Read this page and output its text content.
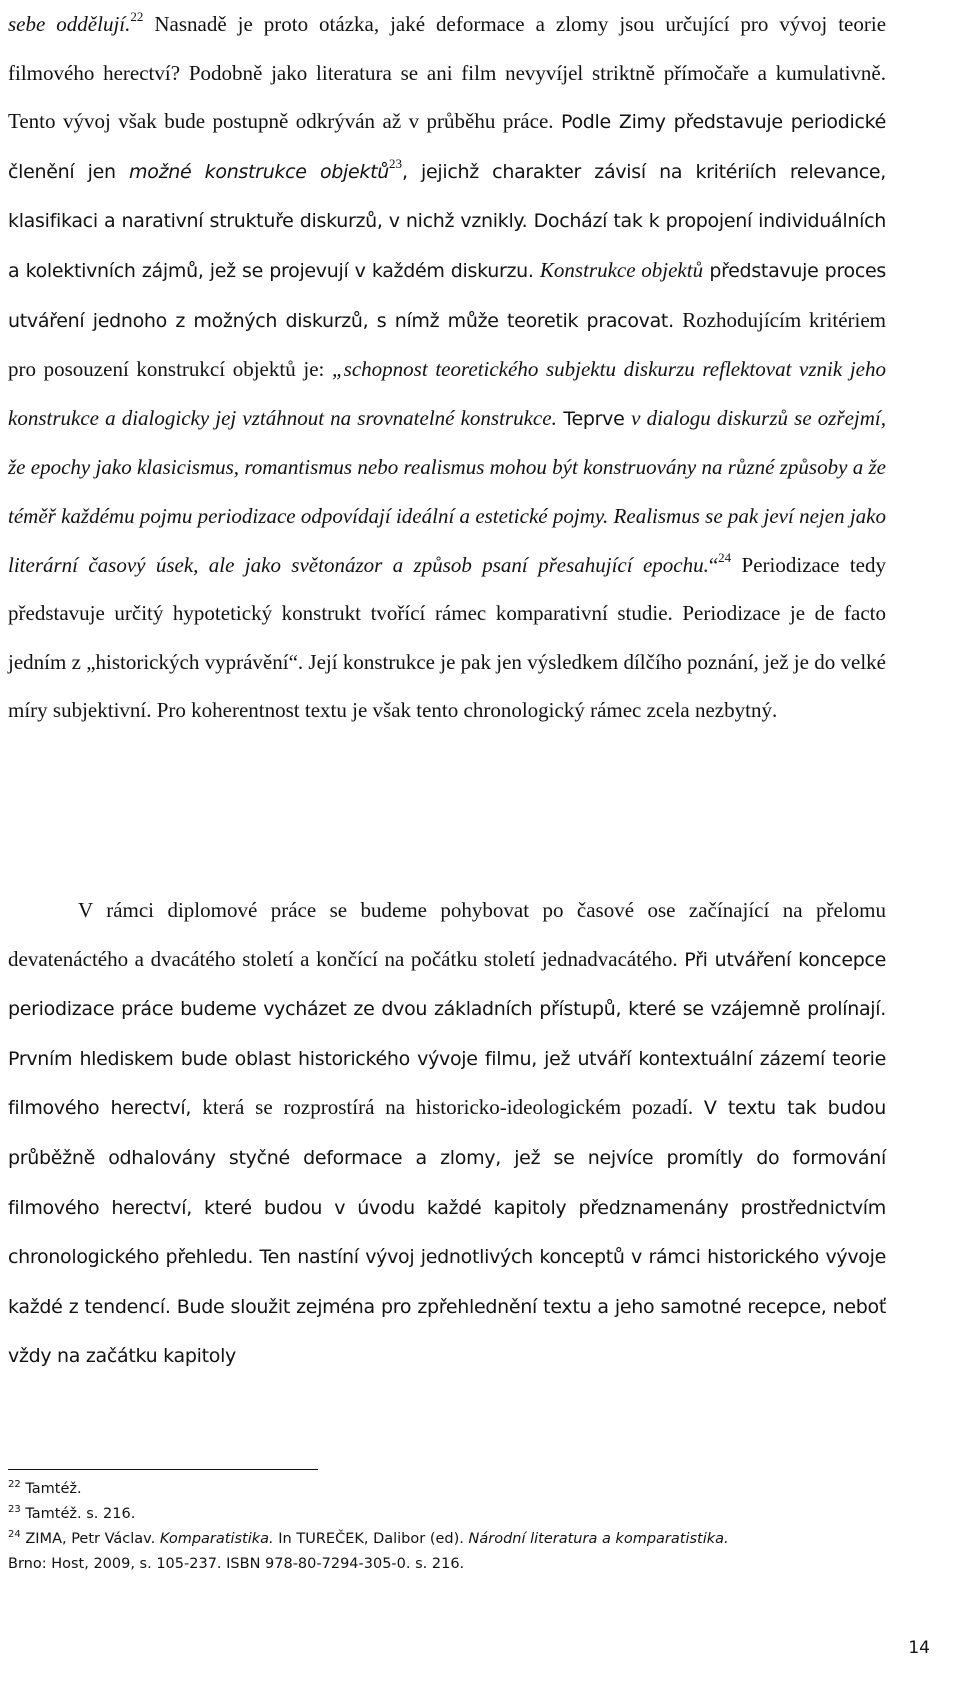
sebe oddělují.$^{22}$ Nasnadě je proto otázka, jaké deformace a zlomy jsou určující pro vývoj teorie filmového herectví? Podobně jako literatura se ani film nevyvíjel striktně přímočaře a kumulativně. Tento vývoj však bude postupně odkrýván až v průběhu práce. Podle Zimy představuje periodické členění jen možné konstrukce objektů$^{23}$, jejichž charakter závisí na kritériích relevance, klasifikaci a narativní struktuře diskurzů, v nichž vznikly. Dochází tak k propojení individuálních a kolektivních zájmů, jež se projevují v každém diskurzu. Konstrukce objektů představuje proces utváření jednoho z možných diskurzů, s nímž může teoretik pracovat. Rozhodujícím kritériem pro posouzení konstrukcí objektů je: „schopnost teoretického subjektu diskurzu reflektovat vznik jeho konstrukce a dialogicky jej vztáhnout na srovnatelné konstrukce. Teprve v dialogu diskurzů se ozřejmí, že epochy jako klasicismus, romantismus nebo realismus mohou být konstruovány na různé způsoby a že téměř každému pojmu periodizace odpovídají ideální a estetické pojmy. Realismus se pak jeví nejen jako literární časový úsek, ale jako světonázor a způsob psaní přesahující epochu.“$^{24}$ Periodizace tedy představuje určitý hypotetický konstrukt tvořící rámec komparativní studie. Periodizace je de facto jedním z „historických vyprávění“. Její konstrukce je pak jen výsledkem dílčího poznání, jež je do velké míry subjektivní. Pro koherentnost textu je však tento chronologický rámec zcela nezbytný.

V rámci diplomové práce se budeme pohybovat po časové ose začínající na přelomu devatenáctého a dvacátého století a končící na počátku století jednadvacátého. Při utváření koncepce periodizace práce budeme vycházet ze dvou základních přístupů, které se vzájemně prolínají. Prvním hlediskem bude oblast historického vývoje filmu, jež utváří kontextuální zázemí teorie filmového herectví, která se rozprostírá na historicko-ideologickém pozadí. V textu tak budou průběžně odhalovány styčné deformace a zlomy, jež se nejvíce promítly do formování filmového herectví, které budou v úvodu každé kapitoly předznamenány prostřednictvím chronologického přehledu. Ten nastíní vývoj jednotlivých konceptů v rámci historického vývoje každé z tendencí. Bude sloužit zejména pro zpřehlednění textu a jeho samotné recepce, neboť vždy na začátku kapitoly

$^{22}$ Tamtéž.

$^{23}$ Tamtéž. s. 216.

$^{24}$ ZIMA, Petr Václav. Komparatistika. In TUREČEK, Dalibor (ed). Národní literatura a komparatistika.
Brno: Host, 2009, s. 105-237. ISBN 978-80-7294-305-0. s. 216.

14
